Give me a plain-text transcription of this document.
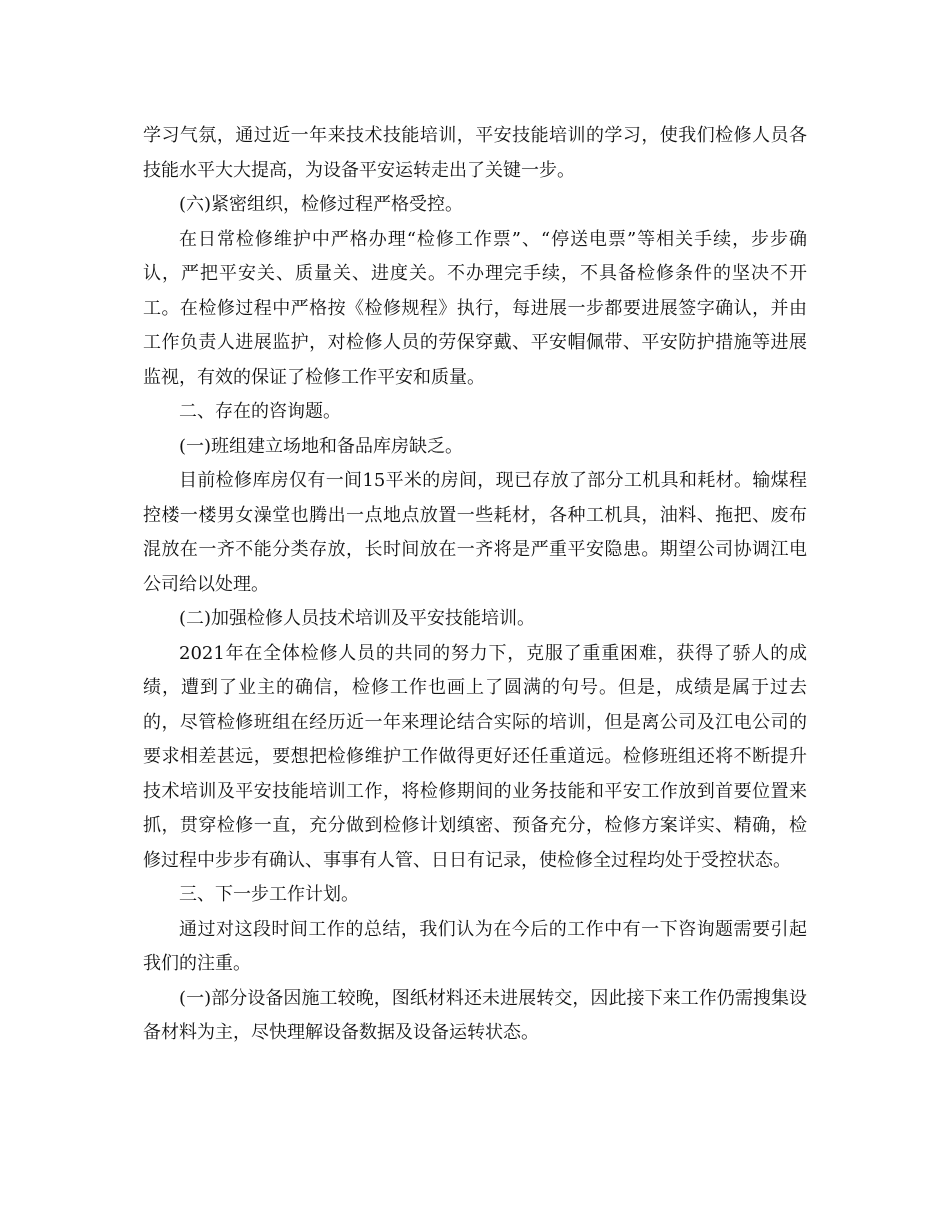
学习气氛，通过近一年来技术技能培训，平安技能培训的学习，使我们检修人员各技能水平大大提高，为设备平安运转走出了关键一步。

(六)紧密组织，检修过程严格受控。

在日常检修维护中严格办理“检修工作票”、“停送电票”等相关手续，步步确认，严把平安关、质量关、进度关。不办理完手续，不具备检修条件的坚决不开工。在检修过程中严格按《检修规程》执行，每进展一步都要进展签字确认，并由工作负责人进展监护，对检修人员的劳保穿戴、平安帽佩带、平安防护措施等进展监视，有效的保证了检修工作平安和质量。

二、存在的咨询题。

(一)班组建立场地和备品库房缺乏。

目前检修库房仅有一间15平米的房间，现已存放了部分工机具和耗材。输煤程控楼一楼男女澡堂也腾出一点地点放置一些耗材，各种工机具，油料、拖把、废布混放在一齐不能分类存放，长时间放在一齐将是严重平安隐患。期望公司协调江电公司给以处理。

(二)加强检修人员技术培训及平安技能培训。

2021年在全体检修人员的共同的努力下，克服了重重困难，获得了骄人的成绩，遭到了业主的确信，检修工作也画上了圆满的句号。但是，成绩是属于过去的，尽管检修班组在经历近一年来理论结合实际的培训，但是离公司及江电公司的要求相差甚远，要想把检修维护工作做得更好还任重道远。检修班组还将不断提升技术培训及平安技能培训工作，将检修期间的业务技能和平安工作放到首要位置来抓，贯穿检修一直，充分做到检修计划缜密、预备充分，检修方案详实、精确，检修过程中步步有确认、事事有人管、日日有记录，使检修全过程均处于受控状态。

三、下一步工作计划。

通过对这段时间工作的总结，我们认为在今后的工作中有一下咨询题需要引起我们的注重。

(一)部分设备因施工较晚，图纸材料还未进展转交，因此接下来工作仍需搜集设备材料为主，尽快理解设备数据及设备运转状态。
